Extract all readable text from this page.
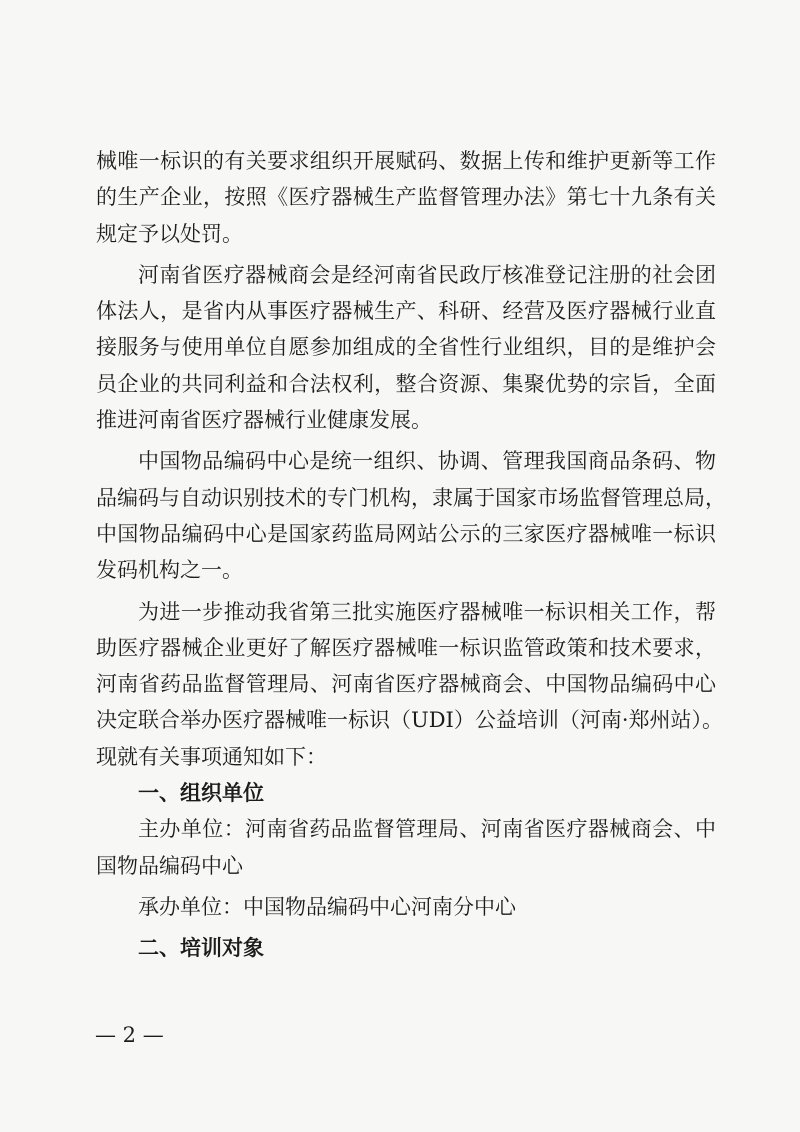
械唯一标识的有关要求组织开展赋码、数据上传和维护更新等工作
的生产企业，按照《医疗器械生产监督管理办法》第七十九条有关
规定予以处罚。

河南省医疗器械商会是经河南省民政厅核准登记注册的社会团
体法人，是省内从事医疗器械生产、科研、经营及医疗器械行业直
接服务与使用单位自愿参加组成的全省性行业组织，目的是维护会
员企业的共同利益和合法权利，整合资源、集聚优势的宗旨，全面
推进河南省医疗器械行业健康发展。

中国物品编码中心是统一组织、协调、管理我国商品条码、物
品编码与自动识别技术的专门机构，隶属于国家市场监督管理总局，
中国物品编码中心是国家药监局网站公示的三家医疗器械唯一标识
发码机构之一。

为进一步推动我省第三批实施医疗器械唯一标识相关工作，帮
助医疗器械企业更好了解医疗器械唯一标识监管政策和技术要求，
河南省药品监督管理局、河南省医疗器械商会、中国物品编码中心
决定联合举办医疗器械唯一标识（UDI）公益培训（河南·郑州站）。
现就有关事项通知如下：

一、组织单位
主办单位：河南省药品监督管理局、河南省医疗器械商会、中
国物品编码中心

承办单位：中国物品编码中心河南分中心

二、培训对象

— 2 —
